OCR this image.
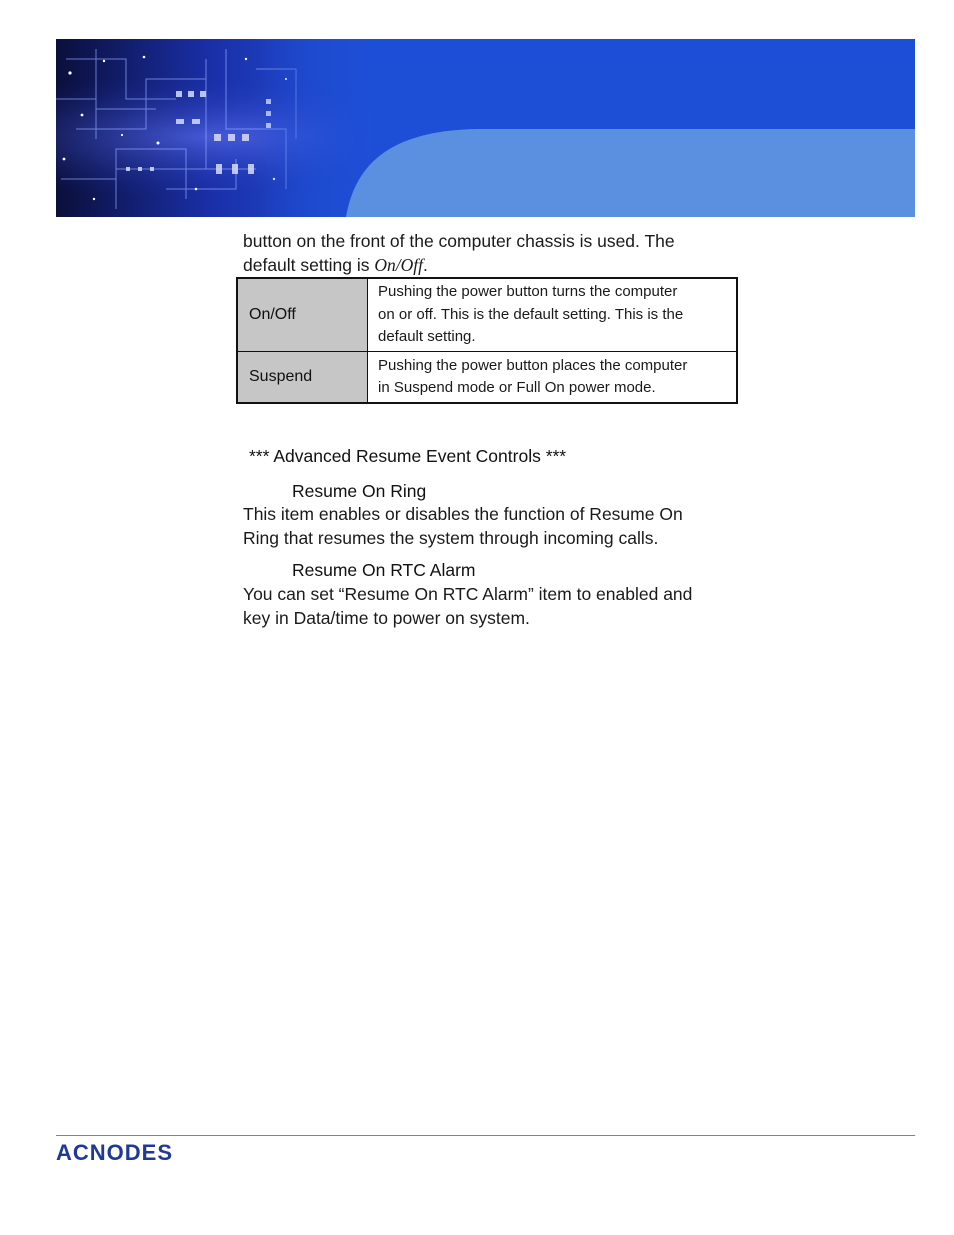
button on the front of the computer chassis is used. The
default setting is On/Off.

On/Off	Pushing the power button turns the computer
on or off. This is the default setting. This is the
default setting.
Suspend	Pushing the power button places the computer
in Suspend mode or Full On power mode.
*** Advanced Resume Event Controls ***
Resume On Ring

This item enables or disables the function of Resume On
Ring that resumes the system through incoming calls.

Resume On RTC Alarm

You can set “Resume On RTC Alarm” item to enabled and
key in Data/time to power on system.

ACNODES
